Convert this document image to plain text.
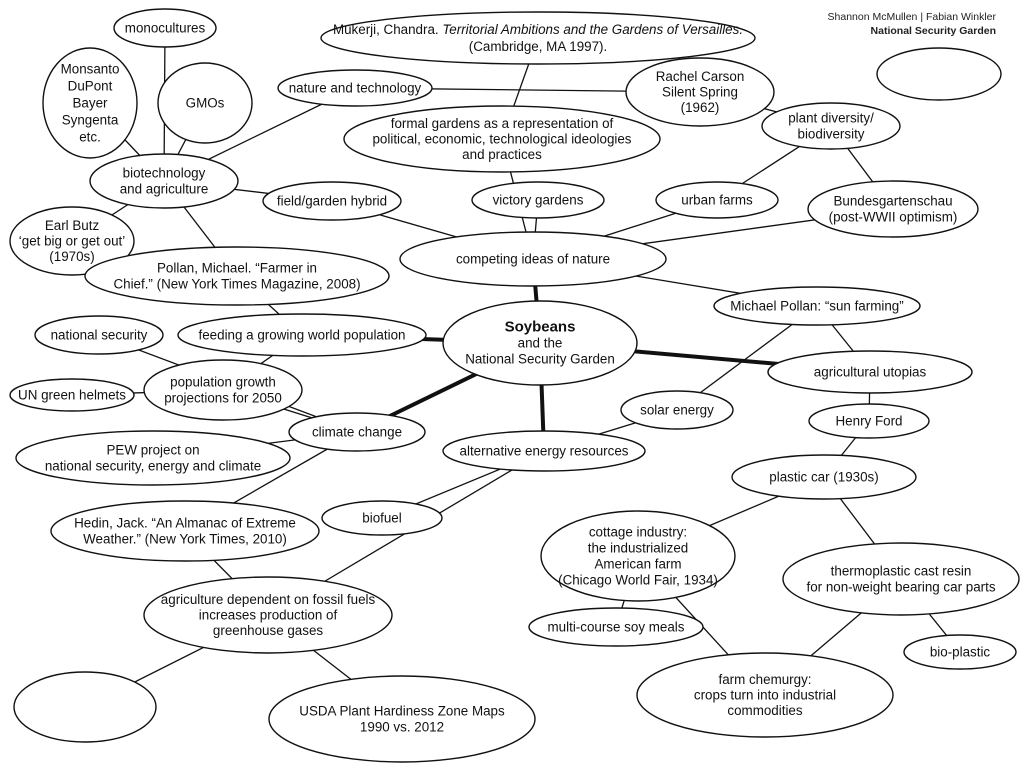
Shannon McMullen | Fabian Winkler
National Security Garden
Soybeans
and the
National Security Garden
monocultures
Monsanto
DuPont
Bayer
Syngenta
etc.
GMOs
Mukerji, Chandra. Territorial Ambitions and the Gardens of Versailles.
(Cambridge, MA 1997).
nature and technology
Rachel Carson
Silent Spring
(1962)
formal gardens as a representation of
political, economic, technological ideologies
and practices
plant diversity/
biodiversity
biotechnology
and agriculture
field/garden hybrid	victory gardens	urban farms	Bundesgartenschau
(post-WWII optimism)
Earl Butz
‘get big or get out’
(1970s)	competing ideas of nature
Pollan, Michael. “Farmer in
Chief.” (New York Times Magazine, 2008)
Michael Pollan: “sun farming”
national security	feeding a growing world population
agricultural utopias
UN green helmets
population growth
projections for 2050
solar energy
Henry Ford
climate change
PEW project on
national security, energy and climate
alternative energy resources
plastic car (1930s)
biofuel
Hedin, Jack. “An Almanac of Extreme
Weather.” (New York Times, 2010)	cottage industry:
the industrialized
American farm
(Chicago World Fair, 1934)
thermoplastic cast resin
for non-weight bearing car parts
agriculture dependent on fossil fuels
increases production of
greenhouse gases	multi-course soy meals
bio-plastic
farm chemurgy:
crops turn into industrial
commodities
USDA Plant Hardiness Zone Maps
1990 vs. 2012
